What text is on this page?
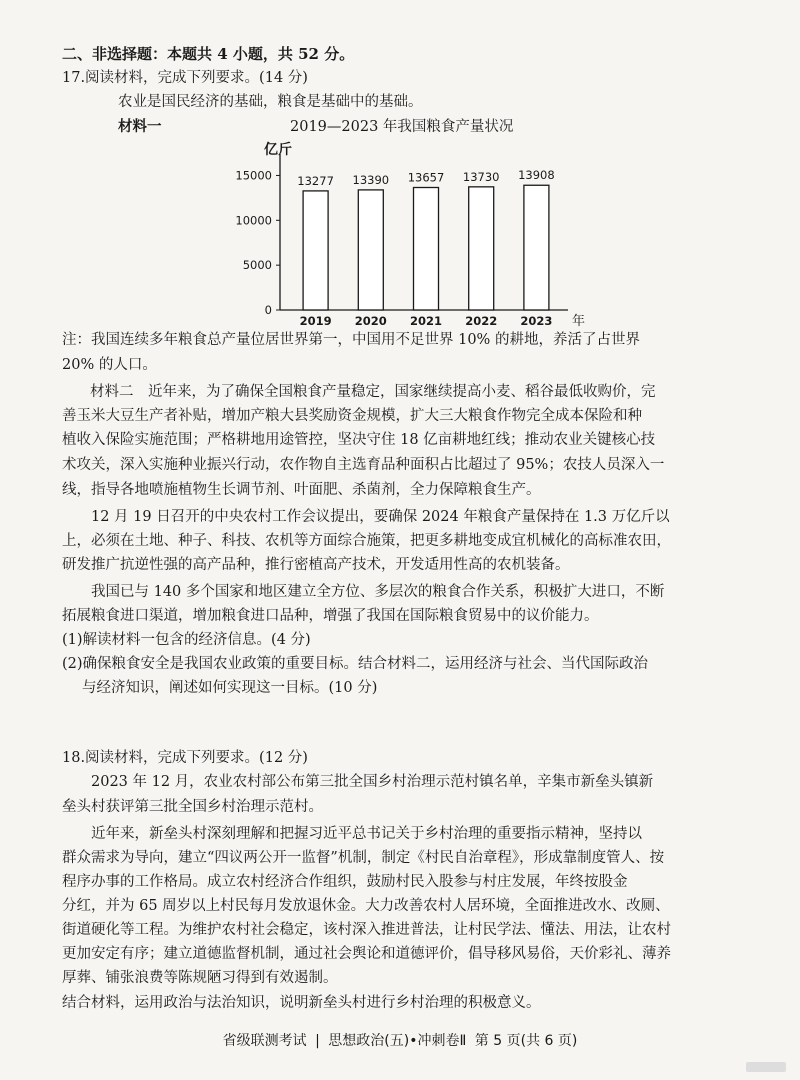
二、非选择题：本题共 4 小题，共 52 分。
17.阅读材料，完成下列要求。(14 分)
农业是国民经济的基础，粮食是基础中的基础。
材料一	2019—2023 年我国粮食产量状况
亿斤
0
5000
10000
15000 13277
2019
13390
2020
13657
2021
13730
2022
13908
2023 年
注：我国连续多年粮食总产量位居世界第一，中国用不足世界 10% 的耕地，养活了占世界
20% 的人口。
材料二　近年来，为了确保全国粮食产量稳定，国家继续提高小麦、稻谷最低收购价，完
善玉米大豆生产者补贴，增加产粮大县奖励资金规模，扩大三大粮食作物完全成本保险和种
植收入保险实施范围；严格耕地用途管控，坚决守住 18 亿亩耕地红线；推动农业关键核心技
术攻关，深入实施种业振兴行动，农作物自主选育品种面积占比超过了 95%；农技人员深入一
线，指导各地喷施植物生长调节剂、叶面肥、杀菌剂，全力保障粮食生产。
　　12 月 19 日召开的中央农村工作会议提出，要确保 2024 年粮食产量保持在 1.3 万亿斤以
上，必须在土地、种子、科技、农机等方面综合施策，把更多耕地变成宜机械化的高标准农田，
研发推广抗逆性强的高产品种，推行密植高产技术，开发适用性高的农机装备。
　　我国已与 140 多个国家和地区建立全方位、多层次的粮食合作关系，积极扩大进口，不断
拓展粮食进口渠道，增加粮食进口品种，增强了我国在国际粮食贸易中的议价能力。
(1)解读材料一包含的经济信息。(4 分)
(2)确保粮食安全是我国农业政策的重要目标。结合材料二，运用经济与社会、当代国际政治
与经济知识，阐述如何实现这一目标。(10 分)
18.阅读材料，完成下列要求。(12 分)
　　2023 年 12 月，农业农村部公布第三批全国乡村治理示范村镇名单，辛集市新垒头镇新
垒头村获评第三批全国乡村治理示范村。
　　近年来，新垒头村深刻理解和把握习近平总书记关于乡村治理的重要指示精神，坚持以
群众需求为导向，建立“四议两公开一监督”机制，制定《村民自治章程》，形成靠制度管人、按
程序办事的工作格局。成立农村经济合作组织，鼓励村民入股参与村庄发展，年终按股金
分红，并为 65 周岁以上村民每月发放退休金。大力改善农村人居环境，全面推进改水、改厕、
街道硬化等工程。为维护农村社会稳定，该村深入推进普法，让村民学法、懂法、用法，让农村
更加安定有序；建立道德监督机制，通过社会舆论和道德评价，倡导移风易俗，天价彩礼、薄养
厚葬、铺张浪费等陈规陋习得到有效遏制。
结合材料，运用政治与法治知识，说明新垒头村进行乡村治理的积极意义。
省级联测考试 | 思想政治(五)•冲刺卷Ⅱ 第 5 页(共 6 页)
